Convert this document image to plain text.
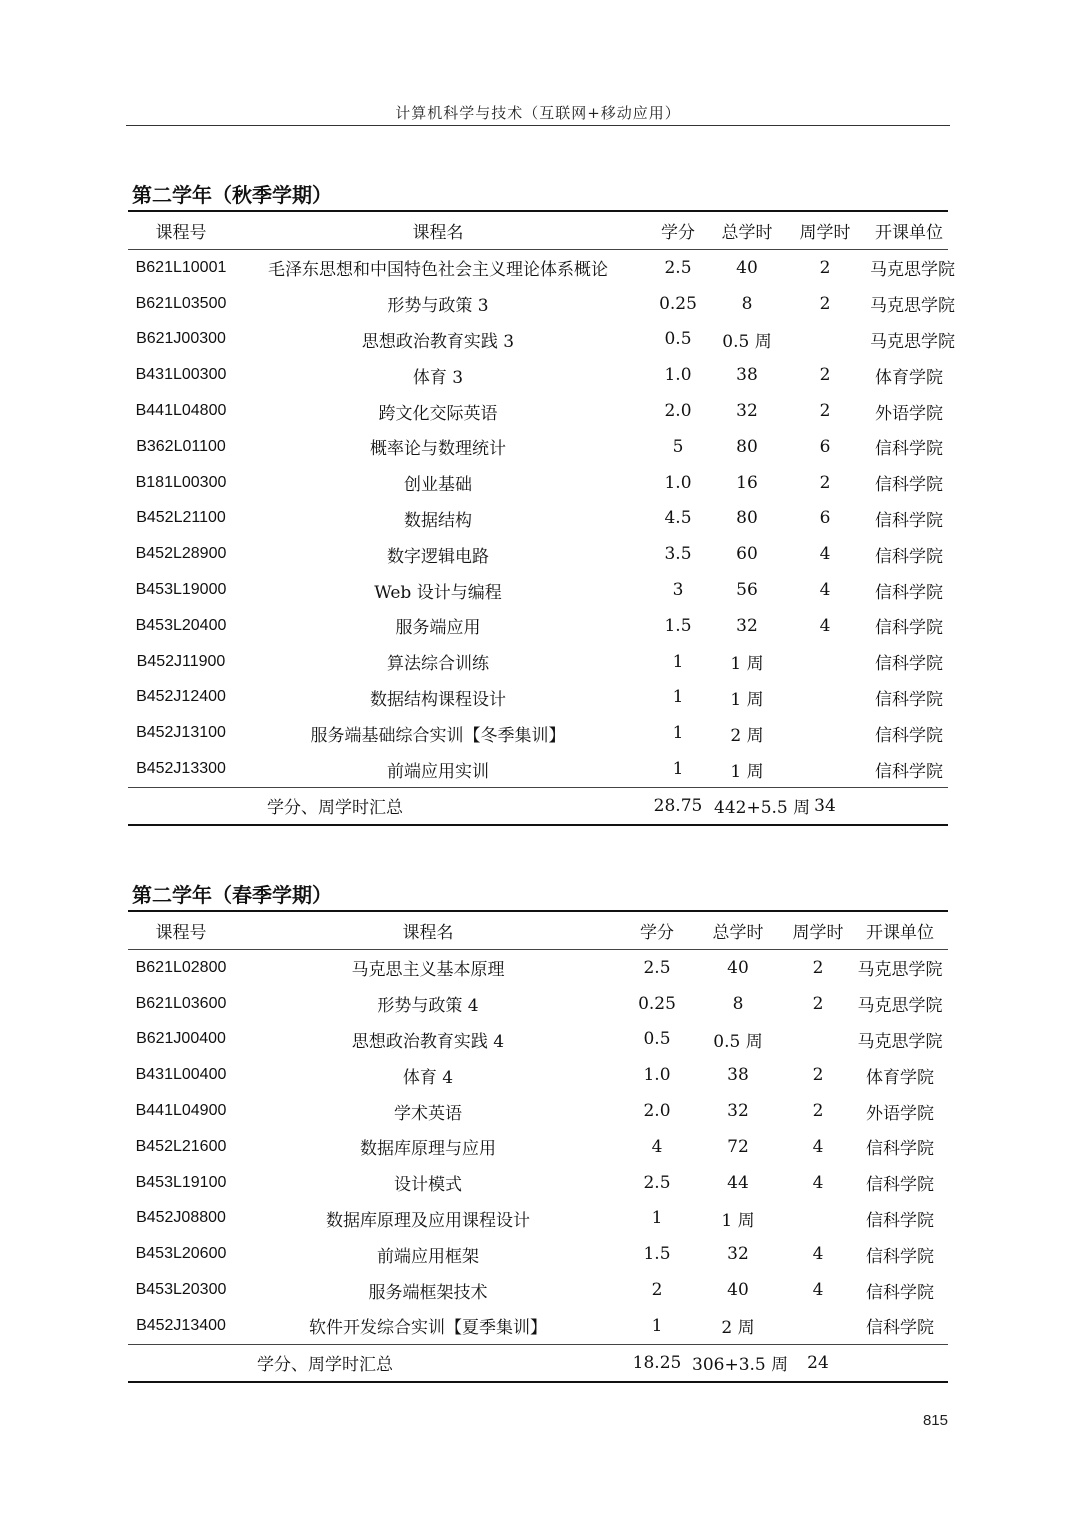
计算机科学与技术（互联网+移动应用）
第二学年（秋季学期）
课程号	课程名	学分	总学时	周学时	开课单位
B621L10001	毛泽东思想和中国特色社会主义理论体系概论	2.5	40	2	马克思学院
B621L03500	形势与政策 3	0.25	8	2	马克思学院
B621J00300	思想政治教育实践 3	0.5	0.5 周		马克思学院
B431L00300	体育 3	1.0	38	2	体育学院
B441L04800	跨文化交际英语	2.0	32	2	外语学院
B362L01100	概率论与数理统计	5	80	6	信科学院
B181L00300	创业基础	1.0	16	2	信科学院
B452L21100	数据结构	4.5	80	6	信科学院
B452L28900	数字逻辑电路	3.5	60	4	信科学院
B453L19000	Web 设计与编程	3	56	4	信科学院
B453L20400	服务端应用	1.5	32	4	信科学院
B452J11900	算法综合训练	1	1 周		信科学院
B452J12400	数据结构课程设计	1	1 周		信科学院
B452J13100	服务端基础综合实训【冬季集训】	1	2 周		信科学院
B452J13300	前端应用实训	1	1 周		信科学院
学分、周学时汇总		28.75	442+5.5 周	34	
第二学年（春季学期）
课程号	课程名	学分	总学时	周学时	开课单位
B621L02800	马克思主义基本原理	2.5	40	2	马克思学院
B621L03600	形势与政策 4	0.25	8	2	马克思学院
B621J00400	思想政治教育实践 4	0.5	0.5 周		马克思学院
B431L00400	体育 4	1.0	38	2	体育学院
B441L04900	学术英语	2.0	32	2	外语学院
B452L21600	数据库原理与应用	4	72	4	信科学院
B453L19100	设计模式	2.5	44	4	信科学院
B452J08800	数据库原理及应用课程设计	1	1 周		信科学院
B453L20600	前端应用框架	1.5	32	4	信科学院
B453L20300	服务端框架技术	2	40	4	信科学院
B452J13400	软件开发综合实训【夏季集训】	1	2 周		信科学院
学分、周学时汇总		18.25	306+3.5 周	24	
815
